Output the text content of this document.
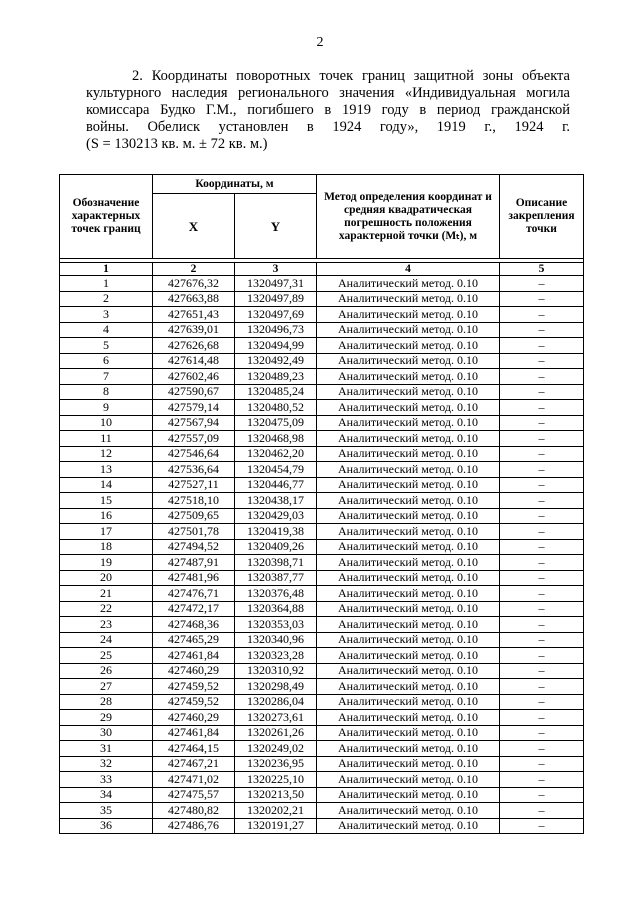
2
2. Координаты поворотных точек границ защитной зоны объекта
культурного наследия регионального значения «Индивидуальная могила
комиссара Будко Г.М., погибшего в 1919 году в период гражданской
войны. Обелиск установлен в 1924 году», 1919 г., 1924 г.
(S = 130213 кв. м. ± 72 кв. м.)
Обозначение характерных точек границ	Координаты, м		Метод определения координат и средняя квадратическая погрешность положения характерной точки (Mₜ), м	Описание закрепления точки
	X	Y		

1	2	3	4	5
1	427676,32	1320497,31	Аналитический метод. 0.10	–
2	427663,88	1320497,89	Аналитический метод. 0.10	–
3	427651,43	1320497,69	Аналитический метод. 0.10	–
4	427639,01	1320496,73	Аналитический метод. 0.10	–
5	427626,68	1320494,99	Аналитический метод. 0.10	–
6	427614,48	1320492,49	Аналитический метод. 0.10	–
7	427602,46	1320489,23	Аналитический метод. 0.10	–
8	427590,67	1320485,24	Аналитический метод. 0.10	–
9	427579,14	1320480,52	Аналитический метод. 0.10	–
10	427567,94	1320475,09	Аналитический метод. 0.10	–
11	427557,09	1320468,98	Аналитический метод. 0.10	–
12	427546,64	1320462,20	Аналитический метод. 0.10	–
13	427536,64	1320454,79	Аналитический метод. 0.10	–
14	427527,11	1320446,77	Аналитический метод. 0.10	–
15	427518,10	1320438,17	Аналитический метод. 0.10	–
16	427509,65	1320429,03	Аналитический метод. 0.10	–
17	427501,78	1320419,38	Аналитический метод. 0.10	–
18	427494,52	1320409,26	Аналитический метод. 0.10	–
19	427487,91	1320398,71	Аналитический метод. 0.10	–
20	427481,96	1320387,77	Аналитический метод. 0.10	–
21	427476,71	1320376,48	Аналитический метод. 0.10	–
22	427472,17	1320364,88	Аналитический метод. 0.10	–
23	427468,36	1320353,03	Аналитический метод. 0.10	–
24	427465,29	1320340,96	Аналитический метод. 0.10	–
25	427461,84	1320323,28	Аналитический метод. 0.10	–
26	427460,29	1320310,92	Аналитический метод. 0.10	–
27	427459,52	1320298,49	Аналитический метод. 0.10	–
28	427459,52	1320286,04	Аналитический метод. 0.10	–
29	427460,29	1320273,61	Аналитический метод. 0.10	–
30	427461,84	1320261,26	Аналитический метод. 0.10	–
31	427464,15	1320249,02	Аналитический метод. 0.10	–
32	427467,21	1320236,95	Аналитический метод. 0.10	–
33	427471,02	1320225,10	Аналитический метод. 0.10	–
34	427475,57	1320213,50	Аналитический метод. 0.10	–
35	427480,82	1320202,21	Аналитический метод. 0.10	–
36	427486,76	1320191,27	Аналитический метод. 0.10	–
